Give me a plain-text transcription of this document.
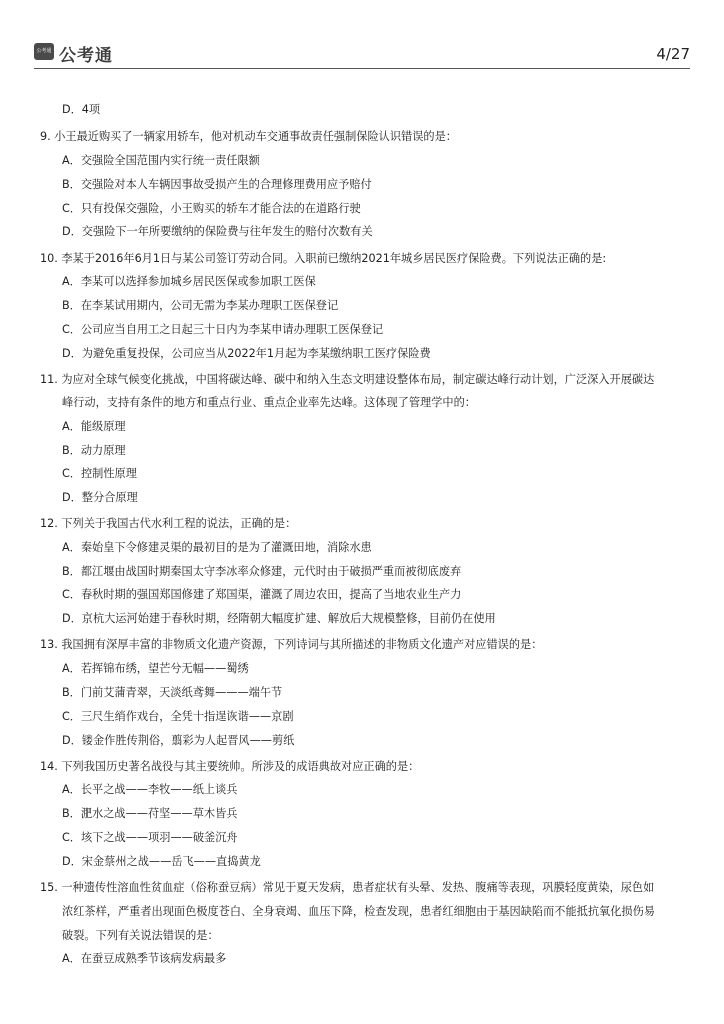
公考通 公考通	4/27
D．4项
9. 小王最近购买了一辆家用轿车，他对机动车交通事故责任强制保险认识错误的是：
A．交强险全国范围内实行统一责任限额
B．交强险对本人车辆因事故受损产生的合理修理费用应予赔付
C．只有投保交强险，小王购买的轿车才能合法的在道路行驶
D．交强险下一年所要缴纳的保险费与往年发生的赔付次数有关
10. 李某于2016年6月1日与某公司签订劳动合同。入职前已缴纳2021年城乡居民医疗保险费。下列说法正确的是:
A．李某可以选择参加城乡居民医保或参加职工医保
B．在李某试用期内，公司无需为李某办理职工医保登记
C．公司应当自用工之日起三十日内为李某申请办理职工医保登记
D．为避免重复投保，公司应当从2022年1月起为李某缴纳职工医疗保险费
11. 为应对全球气候变化挑战，中国将碳达峰、碳中和纳入生态文明建设整体布局，制定碳达峰行动计划，广泛深入开展碳达
峰行动，支持有条件的地方和重点行业、重点企业率先达峰。这体现了管理学中的：
A．能级原理
B．动力原理
C．控制性原理
D．整分合原理
12. 下列关于我国古代水利工程的说法，正确的是：
A．秦始皇下令修建灵渠的最初目的是为了灌溉田地，消除水患
B．都江堰由战国时期秦国太守李冰率众修建，元代时由于破损严重而被彻底废弃
C．春秋时期的强国郑国修建了郑国渠，灌溉了周边农田，提高了当地农业生产力
D．京杭大运河始建于春秋时期，经隋朝大幅度扩建、解放后大规模整修，目前仍在使用
13. 我国拥有深厚丰富的非物质文化遗产资源，下列诗词与其所描述的非物质文化遗产对应错误的是：
A．若挥锦布绣，望芒兮无幅——蜀绣
B．门前艾蒲青翠，天淡纸鸢舞———端午节
C．三尺生绡作戏台，全凭十指逞诙谐——京剧
D．镂金作胜传荆俗，翦彩为人起晋风——剪纸
14. 下列我国历史著名战役与其主要统帅。所涉及的成语典故对应正确的是：
A．长平之战——李牧——纸上谈兵
B．淝水之战——苻坚——草木皆兵
C．垓下之战——项羽——破釜沉舟
D．宋金蔡州之战——岳飞——直捣黄龙
15. 一种遗传性溶血性贫血症（俗称蚕豆病）常见于夏天发病，患者症状有头晕、发热、腹痛等表现，巩膜轻度黄染，尿色如
浓红茶样，严重者出现面色极度苍白、全身衰竭、血压下降，检查发现，患者红细胞由于基因缺陷而不能抵抗氧化损伤易
破裂。下列有关说法错误的是：
A．在蚕豆成熟季节该病发病最多
